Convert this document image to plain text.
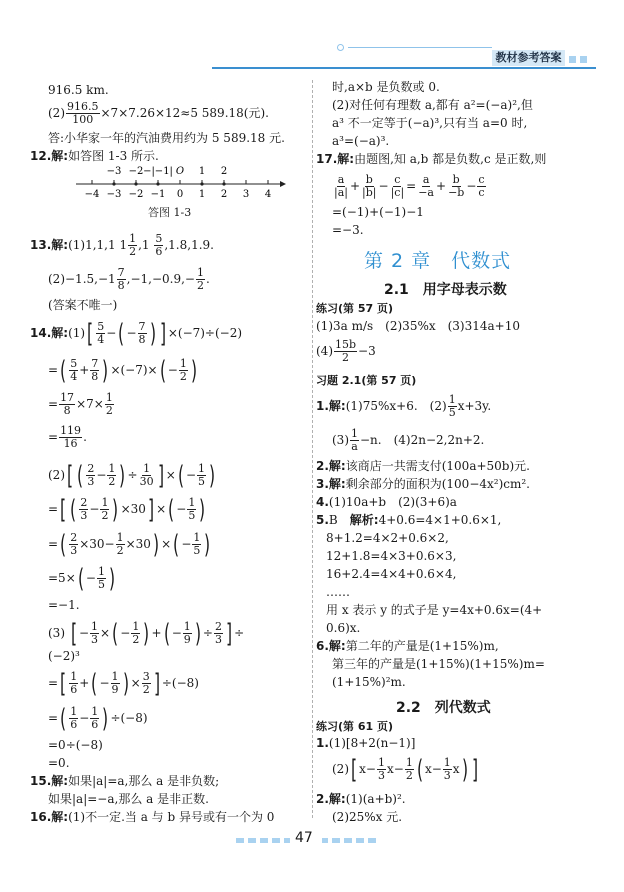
教材参考答案
916.5 km.
$(2) \frac{916.5}{100} \times 7\times 7.26\times 12\approx 5$ 589.18(元).
答:小华家一年的汽油费用约为 5 589.18 元.
12.解:如答图 1-3 所示.
−3 −2 −|−1| O 1 2
−4 −3 −2 −1 0 1 2 3 4
答图 1-3
13.解:(1)1,1,1 $1 \frac{1}{2} ,1 \frac{5}{6} ,1.8,1.9$.
$(2)-1.5,-1 \frac{7}{8} ,-1,-0.9,- \frac{1}{2}$ .
(答案不唯一)
14.解:(1)[ $\frac{5}{4}$ −( − $\frac{7}{8}$ ) ] ×(−7)÷(−2)
=( $\frac{5}{4} + \frac{7}{8}$ ) $\times(-7)\times( - \frac{1}{2}$ )
= $\frac{17}{8} \times 7\times \frac{1}{2}$
= $\frac{119}{16}$ .
(2)[ ( $\frac{2}{3} - \frac{1}{2}$ ) ÷ $\frac{1}{30}$ ] ×( − $\frac{1}{5}$ )
=[ ( $\frac{2}{3} - \frac{1}{2}$ ) ×30] ×( − $\frac{1}{5}$ )
=( $\frac{2}{3} \times 30- \frac{1}{2} \times 30$) ×( − $\frac{1}{5}$ )
$=5\times( - \frac{1}{5}$ )
=−1.
(3) [ − $\frac{1}{3}$ ×( − $\frac{1}{2}$ ) +( − $\frac{1}{9}$ ) ÷ $\frac{2}{3}$ ] ÷
(−2)³
=[ $\frac{1}{6}$ +( − $\frac{1}{9}$ ) × $\frac{3}{2}$ ] ÷(−8)
=( $\frac{1}{6} - \frac{1}{6}$ ) ÷(−8)
=0÷(−8)
=0.
15.解:如果|a|=a,那么 a 是非负数;
如果|a|=−a,那么 a 是非正数.
16.解:(1)不一定.当 a 与 b 异号或有一个为 0
时,a×b 是负数或 0.
(2)对任何有理数 a,都有 a²=(−a)²,但
a³ 不一定等于(−a)³,只有当 a=0 时,
a³=(−a)³.
17.解:由题图,知 a,b 都是负数,c 是正数,则
$\frac{a}{|a|} + \frac{b}{|b|} - \frac{c}{|c|} = \frac{a}{-a} + \frac{b}{-b} - \frac{c}{c}$
=(−1)+(−1)−1
=−3.
第 2 章　代数式
2.1　用字母表示数
练习(第 57 页)
(1)3a m/s　(2)35%x　(3)314a+10
$(4) \frac{15b}{2} -3$
习题 2.1(第 57 页)
1.解:(1)75%x+6.　$(2) \frac{1}{5} x+3y$.
$(3) \frac{1}{a} -n$.　(4)2n−2,2n+2.
2.解:该商店一共需支付(100a+50b)元.
3.解:剩余部分的面积为(100−4x²)cm².
4.(1)10a+b　(2)(3+6)a
5.B　解析:4+0.6=4×1+0.6×1,
8+1.2=4×2+0.6×2,
12+1.8=4×3+0.6×3,
16+2.4=4×4+0.6×4,
……
用 x 表示 y 的式子是 y=4x+0.6x=(4+
0.6)x.
6.解:第二年的产量是(1+15%)m,
第三年的产量是(1+15%)(1+15%)m=
(1+15%)²m.
2.2　列代数式
练习(第 61 页)
1.(1)[8+2(n−1)]
(2)[ $x- \frac{1}{3} x- \frac{1}{2}$ ( $x- \frac{1}{3} x$) ]
2.解:(1)(a+b)².
(2)25%x 元.
47
